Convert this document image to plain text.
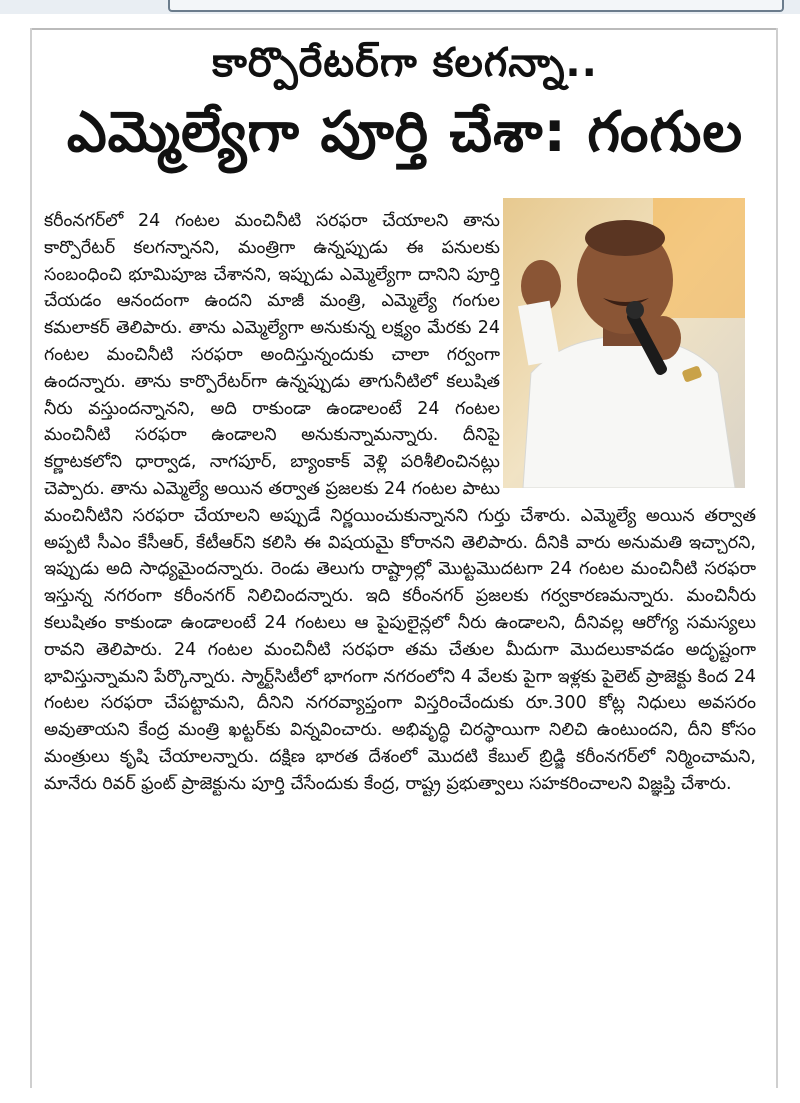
కార్పొరేటర్‌గా కలగన్నా..
ఎమ్మెల్యేగా పూర్తి చేశా: గంగుల

కరీంనగర్‌లో 24 గంటల మంచినీటి సరఫరా చేయాలని తాను కార్పొరేటర్ కలగన్నానని, మంత్రిగా ఉన్నప్పుడు ఈ పనులకు సంబంధించి భూమిపూజ చేశానని, ఇప్పుడు ఎమ్మెల్యేగా దానిని పూర్తి చేయడం ఆనందంగా ఉందని మాజీ మంత్రి, ఎమ్మెల్యే గంగుల కమలాకర్ తెలిపారు. తాను ఎమ్మెల్యేగా అనుకున్న లక్ష్యం మేరకు 24 గంటల మంచినీటి సరఫరా అందిస్తున్నందుకు చాలా గర్వంగా ఉందన్నారు. తాను కార్పొరేటర్‌గా ఉన్నప్పుడు తాగునీటిలో కలుషిత నీరు వస్తుందన్నానని, అది రాకుండా ఉండాలంటే 24 గంటల మంచినీటి సరఫరా ఉండాలని అనుకున్నామన్నారు. దీనిపై కర్ణాటకలోని ధార్వాడ, నాగపూర్, బ్యాంకాక్ వెళ్లి పరిశీలించినట్లు చెప్పారు. తాను ఎమ్మెల్యే అయిన తర్వాత ప్రజలకు 24 గంటల పాటు మంచినీటిని సరఫరా చేయాలని అప్పుడే నిర్ణయించుకున్నానని గుర్తు చేశారు. ఎమ్మెల్యే అయిన తర్వాత అప్పటి సీఎం కేసీఆర్, కేటీఆర్‌ని కలిసి ఈ విషయమై కోరానని తెలిపారు. దీనికి వారు అనుమతి ఇచ్చారని, ఇప్పుడు అది సాధ్యమైందన్నారు. రెండు తెలుగు రాష్ట్రాల్లో మొట్టమొదటగా 24 గంటల మంచినీటి సరఫరా ఇస్తున్న నగరంగా కరీంనగర్ నిలిచిందన్నారు. ఇది కరీంనగర్ ప్రజలకు గర్వకారణమన్నారు. మంచినీరు కలుషితం కాకుండా ఉండాలంటే 24 గంటలు ఆ పైపులైన్లలో నీరు ఉండాలని, దీనివల్ల ఆరోగ్య సమస్యలు రావని తెలిపారు. 24 గంటల మంచినీటి సరఫరా తమ చేతుల మీదుగా మొదలుకావడం అదృష్టంగా భావిస్తున్నామని పేర్కొన్నారు. స్మార్ట్‌సిటీలో భాగంగా నగరంలోని 4 వేలకు పైగా ఇళ్లకు పైలెట్ ప్రాజెక్టు కింద 24 గంటల సరఫరా చేపట్టామని, దీనిని నగరవ్యాప్తంగా విస్తరించేందుకు రూ.300 కోట్ల నిధులు అవసరం అవుతాయని కేంద్ర మంత్రి ఖట్టర్‌కు విన్నవించారు. అభివృద్ధి చిరస్థాయిగా నిలిచి ఉంటుందని, దీని కోసం మంత్రులు కృషి చేయాలన్నారు. దక్షిణ భారత దేశంలో మొదటి కేబుల్ బ్రిడ్జి కరీంనగర్‌లో నిర్మించామని, మానేరు రివర్ ఫ్రంట్ ప్రాజెక్టును పూర్తి చేసేందుకు కేంద్ర, రాష్ట్ర ప్రభుత్వాలు సహకరించాలని విజ్ఞప్తి చేశారు.
